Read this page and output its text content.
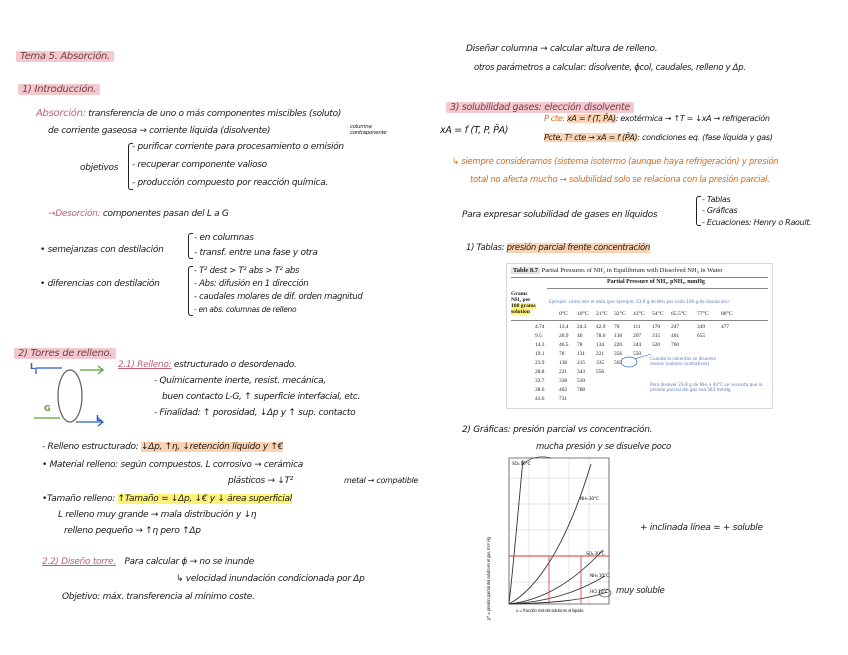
Tema 5. Absorción.
1) Introducción.
Absorción: transferencia de uno o más componentes miscibles (soluto)
de corriente gaseosa → corriente líquida (disolvente)	columna contraponente
objetivos
- purificar corriente para procesamiento o emisión
- recuperar componente valioso
- producción compuesto por reacción química.
→Desorción: componentes pasan del L a G
• semejanzas con destilación
- en columnas
- transf. entre una fase y otra
• diferencias con destilación
- T² dest > T² abs > T² abs
- Abs: difusión en 1 dirección
- caudales molares de dif. orden magnitud
- en abs. columnas de relleno
2) Torres de relleno.
L
L
G
2.1) Relleno: estructurado o desordenado.
- Químicamente inerte, resist. mecánica,
buen contacto L-G, ↑ superficie interfacial, etc.
- Finalidad: ↑ porosidad, ↓Δp y ↑ sup. contacto
- Relleno estructurado: ↓Δp, ↑η, ↓retención líquido y ↑€
• Material relleno: según compuestos. L corrosivo → cerámica
plásticos → ↓T²	metal → compatible
•Tamaño relleno: ↑Tamaño = ↓Δp, ↓€ y ↓ área superficial
L relleno muy grande → mala distribución y ↓η
relleno pequeño → ↑η pero ↑Δp
2.2) Diseño torre. Para calcular ϕ → no se inunde
↳ velocidad inundación condicionada por Δp
Objetivo: máx. transferencia al mínimo coste.
Diseñar columna → calcular altura de relleno.
otros parámetros a calcular: disolvente, ϕcol, caudales, relleno y Δp.
3) solubilidad gases: elección disolvente
xA = f (T, P, P̄A)
P cte: xA = f (T, P̄A): exotérmica → ↑T = ↓xA → refrigeración
Pcte, T² cte → xA = f (P̄A): condiciones eq. (fase líquida y gas)
↳ siempre consideramos (sistema isotermo (aunque haya refrigeración) y presión
total no afecta mucho → solubilidad solo se relaciona con la presión parcial.
Para expresar solubilidad de gases en líquidos
- Tablas
- Gráficas
- Ecuaciones: Henry o Raoult.
1) Tablas: presión parcial frente concentración
Table 8.7 Partial Pressures of NH₃ in Equilibrium with Dissolved NH₃ in Water
Partial Pressure of NH₃, pNH₃, mmHg
Grams
NH₃ per
100 grams
solution
Ejemplo: cómo leer el dato (por ejemplo, 23,9 g de NH₃ por cada 100 g de disolución)
0°C 10°C 21°C 32°C 43°C 54°C 65.5°C 77°C 88°C
4.74	13.4 24.3 42.9 70	111 170 247	349	477
9.5	26.9 46	78.6 130 207 315 461	655
14.3	46.5 78	134 220 344 520 760
19.1	78 131 221 356 550
23.9	138 215 335 563
28.8	221 343 556
33.7	338 530
38.6	462 788
43.6	731
Cuando lo calientas se disuelve menos (valores cualitativos)
Para disolver 23,9 g de NH₃ a 43°C se necesita que la presión parcial del gas sea 563 mmHg
2) Gráficas: presión parcial vs concentración.
mucha presión y se disuelve poco
SO₂ 10°C
NH₃ 30°C
SO₂ 30°C
NH₃ 10°C
HCl 10°C
p* = presión parcial del soluto en el gas, mm Hg	x = fracción mol del soluto en el líquido
+ inclinada línea = + soluble
muy soluble
